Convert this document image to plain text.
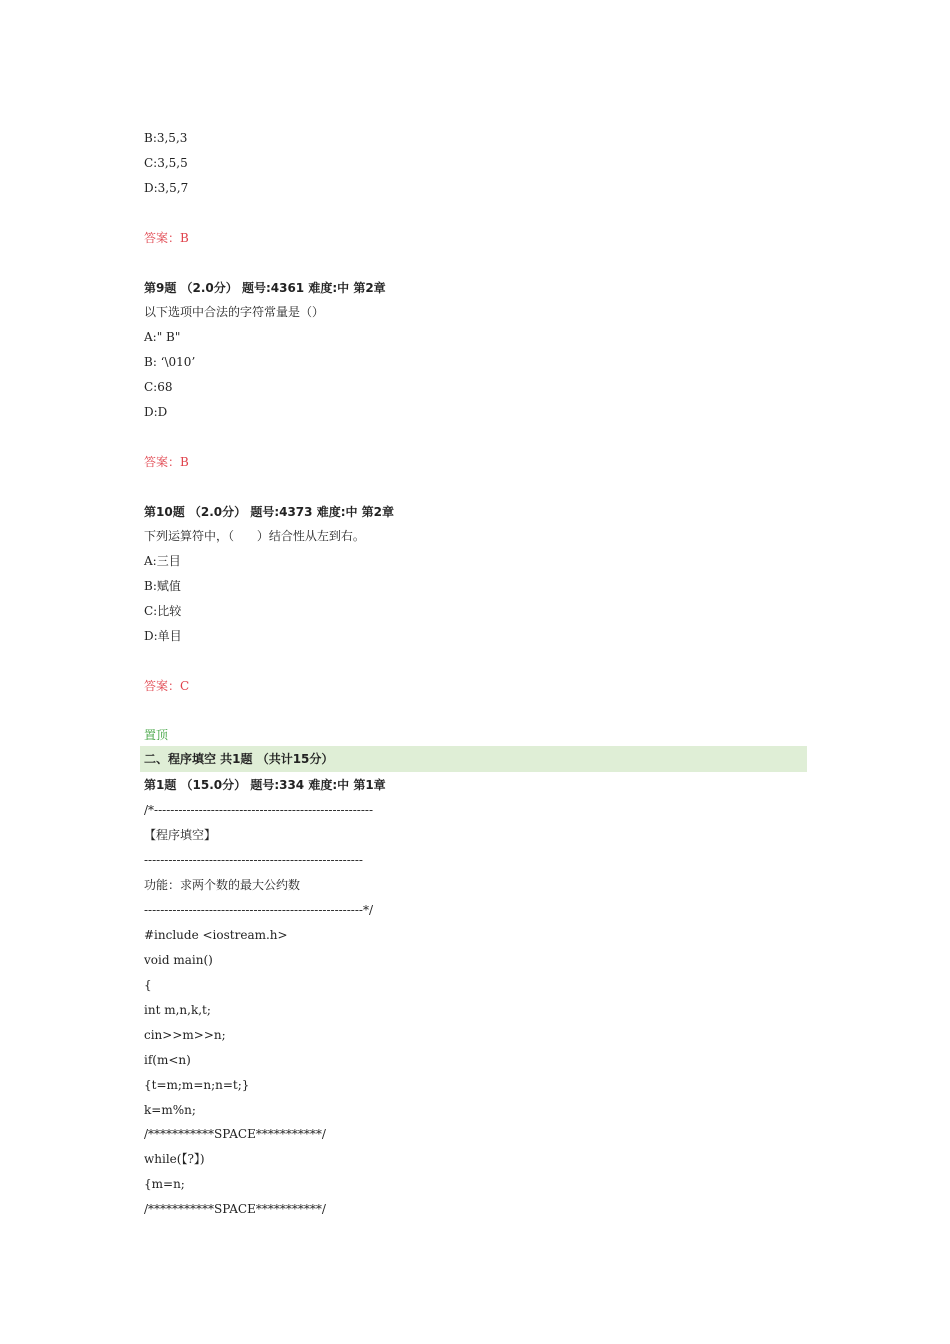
B:3,5,3
C:3,5,5
D:3,5,7
答案：B
第9题 （2.0分） 题号:4361 难度:中 第2章
以下选项中合法的字符常量是（）
A:" B"
B: ‘\010’
C:68
D:D
答案：B
第10题 （2.0分） 题号:4373 难度:中 第2章
下列运算符中，（      ）结合性从左到右。
A:三目
B:赋值
C:比较
D:单目
答案：C
置顶
二、程序填空 共1题 （共计15分）
第1题 （15.0分） 题号:334 难度:中 第1章
/*------------------------------------------------------
【程序填空】
------------------------------------------------------
功能：求两个数的最大公约数
------------------------------------------------------*/
#include <iostream.h>
void main()
{
int m,n,k,t;
cin>>m>>n;
if(m<n)
{t=m;m=n;n=t;}
k=m%n;
/***********SPACE***********/
while(【?】)
{m=n;
/***********SPACE***********/
